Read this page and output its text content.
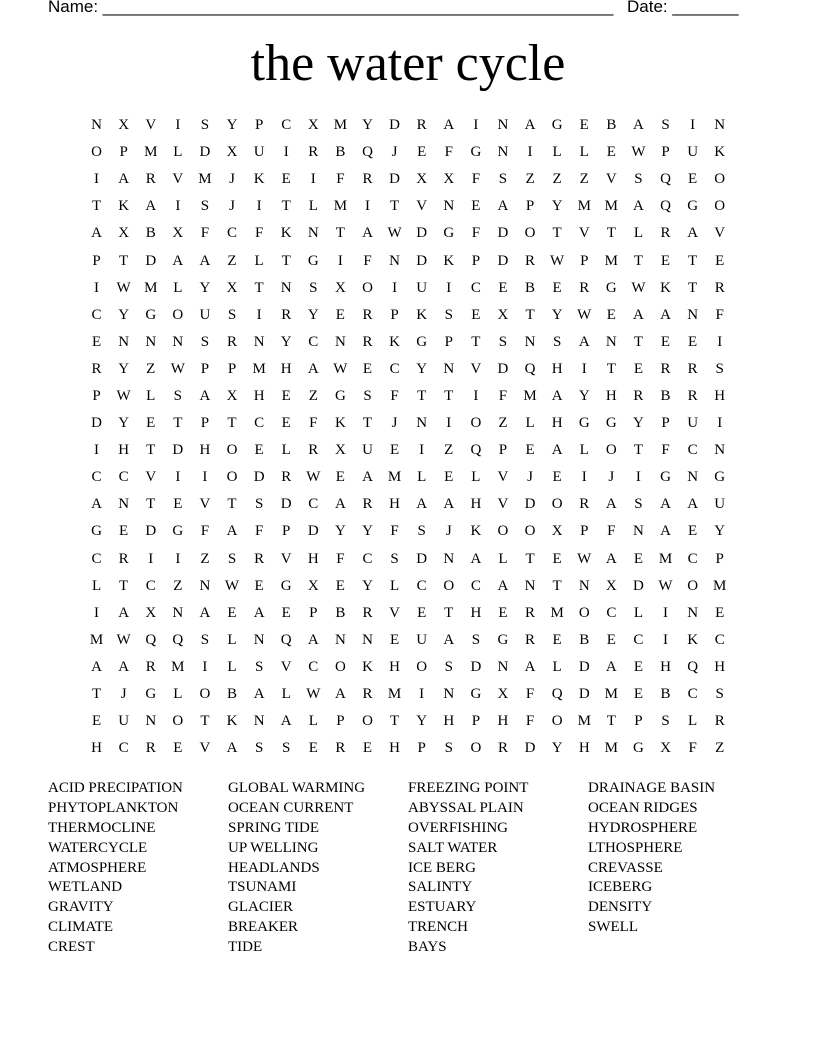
Name: ______________________________________________________ Date: _______
the water cycle
N	X	V	I	S	Y	P	C	X	M	Y	D	R	A	I	N	A	G	E	B	A	S	I	N
O	P	M	L	D	X	U	I	R	B	Q	J	E	F	G	N	I	L	L	E	W	P	U	K
I	A	R	V	M	J	K	E	I	F	R	D	X	X	F	S	Z	Z	Z	V	S	Q	E	O
T	K	A	I	S	J	I	T	L	M	I	T	V	N	E	A	P	Y	M M	A	Q	G	O
A	X	B	X	F	C	F	K	N	T	A W D	G	F	D	O	T	V	T	L	R	A	V
P	T	D	A	A	Z	L	T	G	I	F	N	D	K	P	D	R	W	P	M	T	E	T	E
I	W M	L	Y	X	T	N	S	X	O	I	U	I	C	E	B	E	R	G W K	T	R
C	Y	G	O	U	S	I	R	Y	E	R	P	K	S	E	X	T	Y W	E	A	A	N	F
E	N	N	N	S	R	N	Y	C	N	R	K	G	P	T	S	N	S	A	N	T	E	E	I
R	Y	Z	W	P	P	M	H	A W	E	C	Y	N	V	D	Q	H	I	T	E	R	R	S
P	W	L	S	A	X	H	E	Z	G	S	F	T	T	I	F	M	A	Y	H	R	B	R	H
D	Y	E	T	P	T	C	E	F	K	T	J	N	I	O	Z	L	H	G	G	Y	P	U	I
I	H	T	D	H	O	E	L	R	X	U	E	I	Z	Q	P	E	A	L	O	T	F	C	N
C	C	V	I	I	O	D	R	W	E	A	M	L	E	L	V	J	E	I	J	I	G	N	G
A	N	T	E	V	T	S	D	C	A	R	H	A	A	H	V	D	O	R	A	S	A	A	U
G	E	D	G	F	A	F	P	D	Y	Y	F	S	J	K	O	O	X	P	F	N	A	E	Y
C	R	I	I	Z	S	R	V	H	F	C	S	D	N	A	L	T	E	W A	E	M	C	P
L	T	C	Z	N W	E	G	X	E	Y	L	C	O	C	A	N	T	N	X	D W O	M
I	A	X	N	A	E	A	E	P	B	R	V	E	T	H	E	R	M	O	C	L	I	N	E
M W Q	Q	S	L	N	Q	A	N	N	E	U	A	S	G	R	E	B	E	C	I	K	C
A	A	R	M	I	L	S	V	C	O	K	H	O	S	D	N	A	L	D	A	E	H	Q	H
T	J	G	L	O	B	A	L	W A	R	M	I	N	G	X	F	Q	D	M	E	B	C	S
E	U	N	O	T	K	N	A	L	P	O	T	Y	H	P	H	F	O	M	T	P	S	L	R
H	C	R	E	V	A	S	S	E	R	E	H	P	S	O	R	D	Y	H	M	G	X	F	Z
ACID PRECIPATION	GLOBAL WARMING	FREEZING POINT	DRAINAGE BASIN
PHYTOPLANKTON	OCEAN CURRENT	ABYSSAL PLAIN	OCEAN RIDGES
THERMOCLINE	SPRING TIDE	OVERFISHING	HYDROSPHERE
WATERCYCLE	UP WELLING	SALT WATER	LTHOSPHERE
ATMOSPHERE	HEADLANDS	ICE BERG	CREVASSE
WETLAND	TSUNAMI	SALINTY	ICEBERG
GRAVITY	GLACIER	ESTUARY	DENSITY
CLIMATE	BREAKER	TRENCH	SWELL
CREST	TIDE	BAYS
